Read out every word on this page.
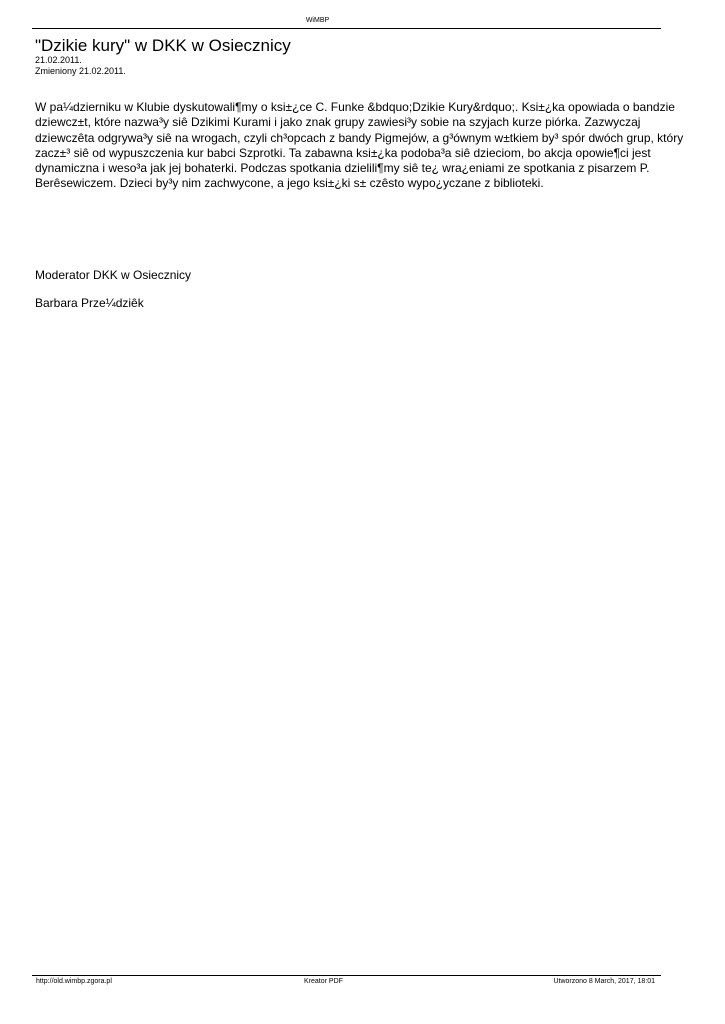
WiMBP
"Dzikie kury" w DKK w Osiecznicy
21.02.2011.
Zmieniony 21.02.2011.

W pa¼dzierniku w Klubie dyskutowali¶my o ksi±¿ce C. Funke &bdquo;Dzikie Kury&rdquo;. Ksi±¿ka opowiada o bandzie dziewcz±t, które nazwa³y siê Dzikimi Kurami i jako znak grupy zawiesi³y sobie na szyjach kurze piórka. Zazwyczaj dziewczêta odgrywa³y siê na wrogach, czyli ch³opcach z bandy Pigmejów, a g³ównym w±tkiem by³ spór dwóch grup, który zacz±³ siê od wypuszczenia kur babci Szprotki. Ta zabawna ksi±¿ka podoba³a siê dzieciom, bo akcja opowie¶ci jest dynamiczna i weso³a jak jej bohaterki. Podczas spotkania dzielili¶my siê te¿ wra¿eniami ze spotkania z pisarzem P. Berêsewiczem. Dzieci by³y nim zachwycone, a jego ksi±¿ki s± czêsto wypo¿yczane z biblioteki.

Moderator DKK w Osiecznicy
Barbara Prze¼dziêk
http://old.wimbp.zgora.pl	Kreator PDF	Utworzono 8 March, 2017, 18:01
